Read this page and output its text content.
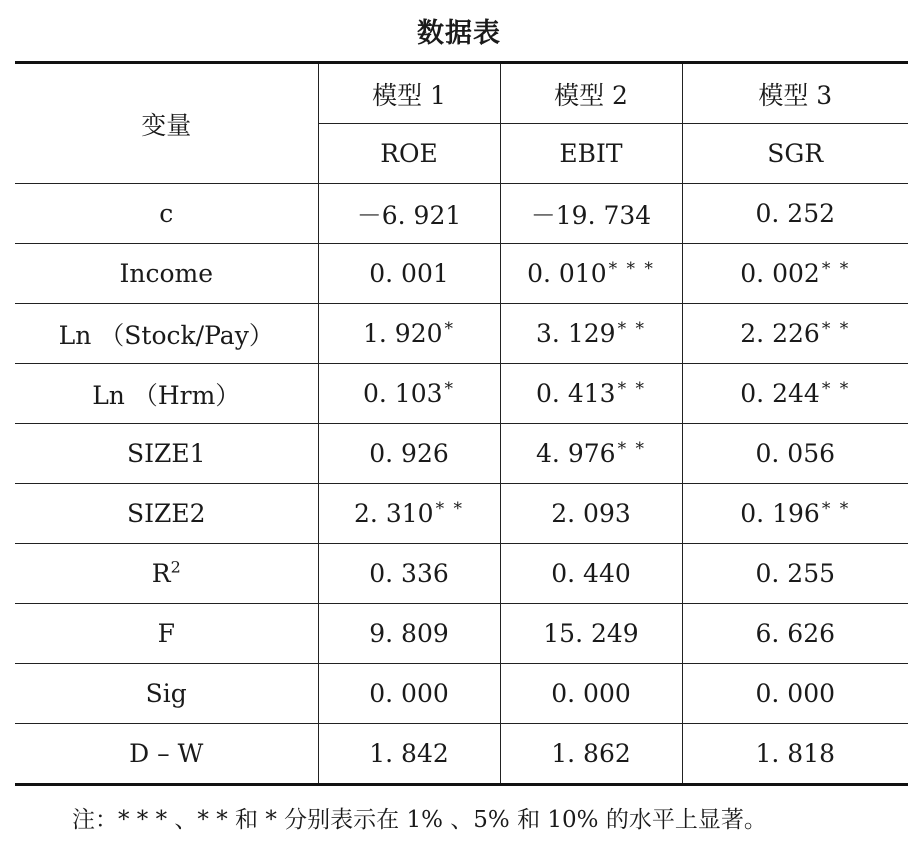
数据表
变量	模型 1	模型 2	模型 3
	ROE	EBIT	SGR
c	－6. 921	－19. 734	0. 252
Income	0. 001	0. 010 * * *	0. 002 * *
Ln （Stock/Pay）	1. 920 *	3. 129 * *	2. 226 * *
Ln （Hrm）	0. 103 *	0. 413 * *	0. 244 * *
SIZE1	0. 926	4. 976 * *	0. 056
SIZE2	2. 310 * *	2. 093	0. 196 * *
$R^2$	0. 336	0. 440	0. 255
F	9. 809	15. 249	6. 626
Sig	0. 000	0. 000	0. 000
D – W	1. 842	1. 862	1. 818
注：* * * 、* * 和 * 分别表示在 1% 、5% 和 10% 的水平上显著。
